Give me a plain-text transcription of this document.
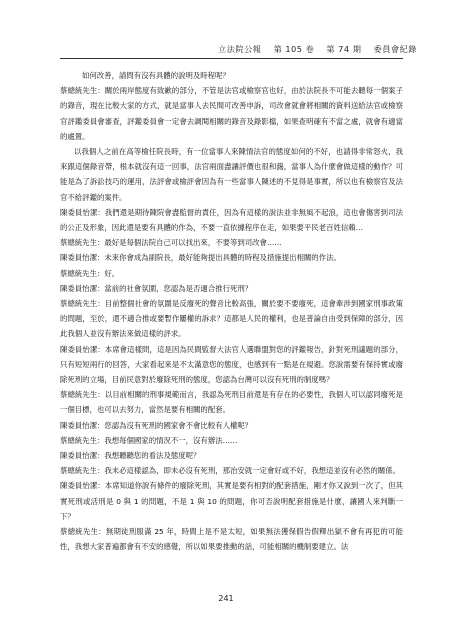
立法院公報 第 105 卷 第 74 期 委員會紀錄

如何改善，請問有沒有具體的說明及時程呢？

蔡總統先生：關於兩岸態度有致歉的部分，不管是法官或檢察官也好，由於法院長不可能去聽每一個案子的錄音，現在比較大家的方式，就是當事人去民間可改善申訴，司改會就會將相關的資料送給法官或檢察官評鑑委員會審查，評鑑委員會一定會去調閱相關的錄音及錄影檔，如果查明確有不當之處，就會有適當的處置。

以我個人之前在高等檢任院長時，有一位當事人來陳情法官的態度如何的不好，也請得非常怒火，我來跟這個錄音帶，根本就沒有這一回事，法官兩面盡讓評價也很和藹，當事人為什麼會做這樣的動作？可能是為了訴訟技巧的運用，法評會或檢評會因為有一些當事人陳述的不見得是事實，所以也有檢察官及法官不給評鑑的案件。

陳委員怡潔：我們還是期待陳院會盡監督的責任，因為有這樣的說法並非無風不起浪，這也會傷害到司法的公正及形象，因此還是要有具體的作為，不要一直依據程序在走，如果要平民老百姓信賴…

蔡總統先生：最好是每個法院自己可以找出來，不要等到司改會……

陳委員怡潔：未來你會成為副院長，最好能夠提出具體的時程及措施提出相關的作法。

蔡總統先生：好。

陳委員怡潔：當前的社會氛圍，您認為是否適合推行死刑？

蔡總統先生：目前整個社會的氛圍是反廢死的聲音比較高張，關於要不要廢死，這會牽涉到國家刑事政策的問題，至於，還不適合推或要暫作屢權的訴求？這都是人民的權利，也是普論自由受到保障的部分，因此我個人並沒有辦法來做這樣的評求。

陳委員怡潔：本席會這樣問，這是因為民間監督大法官人選聯盟對您的評鑑報告，針對死刑議題的部分，只有短短兩行的回答，大家看起來是不太滿意您的態度，也感到有一點是在規避。您說需要有保持實或廢除死刑的立場，目前民意對於廢除死刑的態度，您認為台灣可以沒有死刑的制度嗎？

蔡總統先生：以目前相關的刑事規範而言，我認為死刑目前還是有存在的必要性，我個人可以認同廢死是一個目標，也可以去努力，當然是要有相關的配套。

陳委員怡潔：您認為沒有死刑的國家會不會比較有人權呢？

蔡總統先生：我想每個國家的情況不一，沒有辦法……

陳委員怡潔：我想聽聽您的看法及態度呢？

蔡總統先生：我未必這樣認為，即未必沒有死刑，那治安就一定會好或不好，我想這並沒有必然的關係。

陳委員怡潔：本席知道你說有條件的廢除死刑，其實是要有相對的配套措施，剛才你又說到一次了，但其實死刑或活刑是 0 與 1 的問題，不是 1 與 10 的問題，你可否說明配套措施是什麼，讓國人來判斷一下？

蔡總統先生：無期徒刑服滿 25 年，時間上是不是太短，如果無法獲保假告假釋出獄不會有再犯的可能性，我想大家普遍都會有不安的感覺，所以如果要推動的話，可能相關的機制要建立。法

241
